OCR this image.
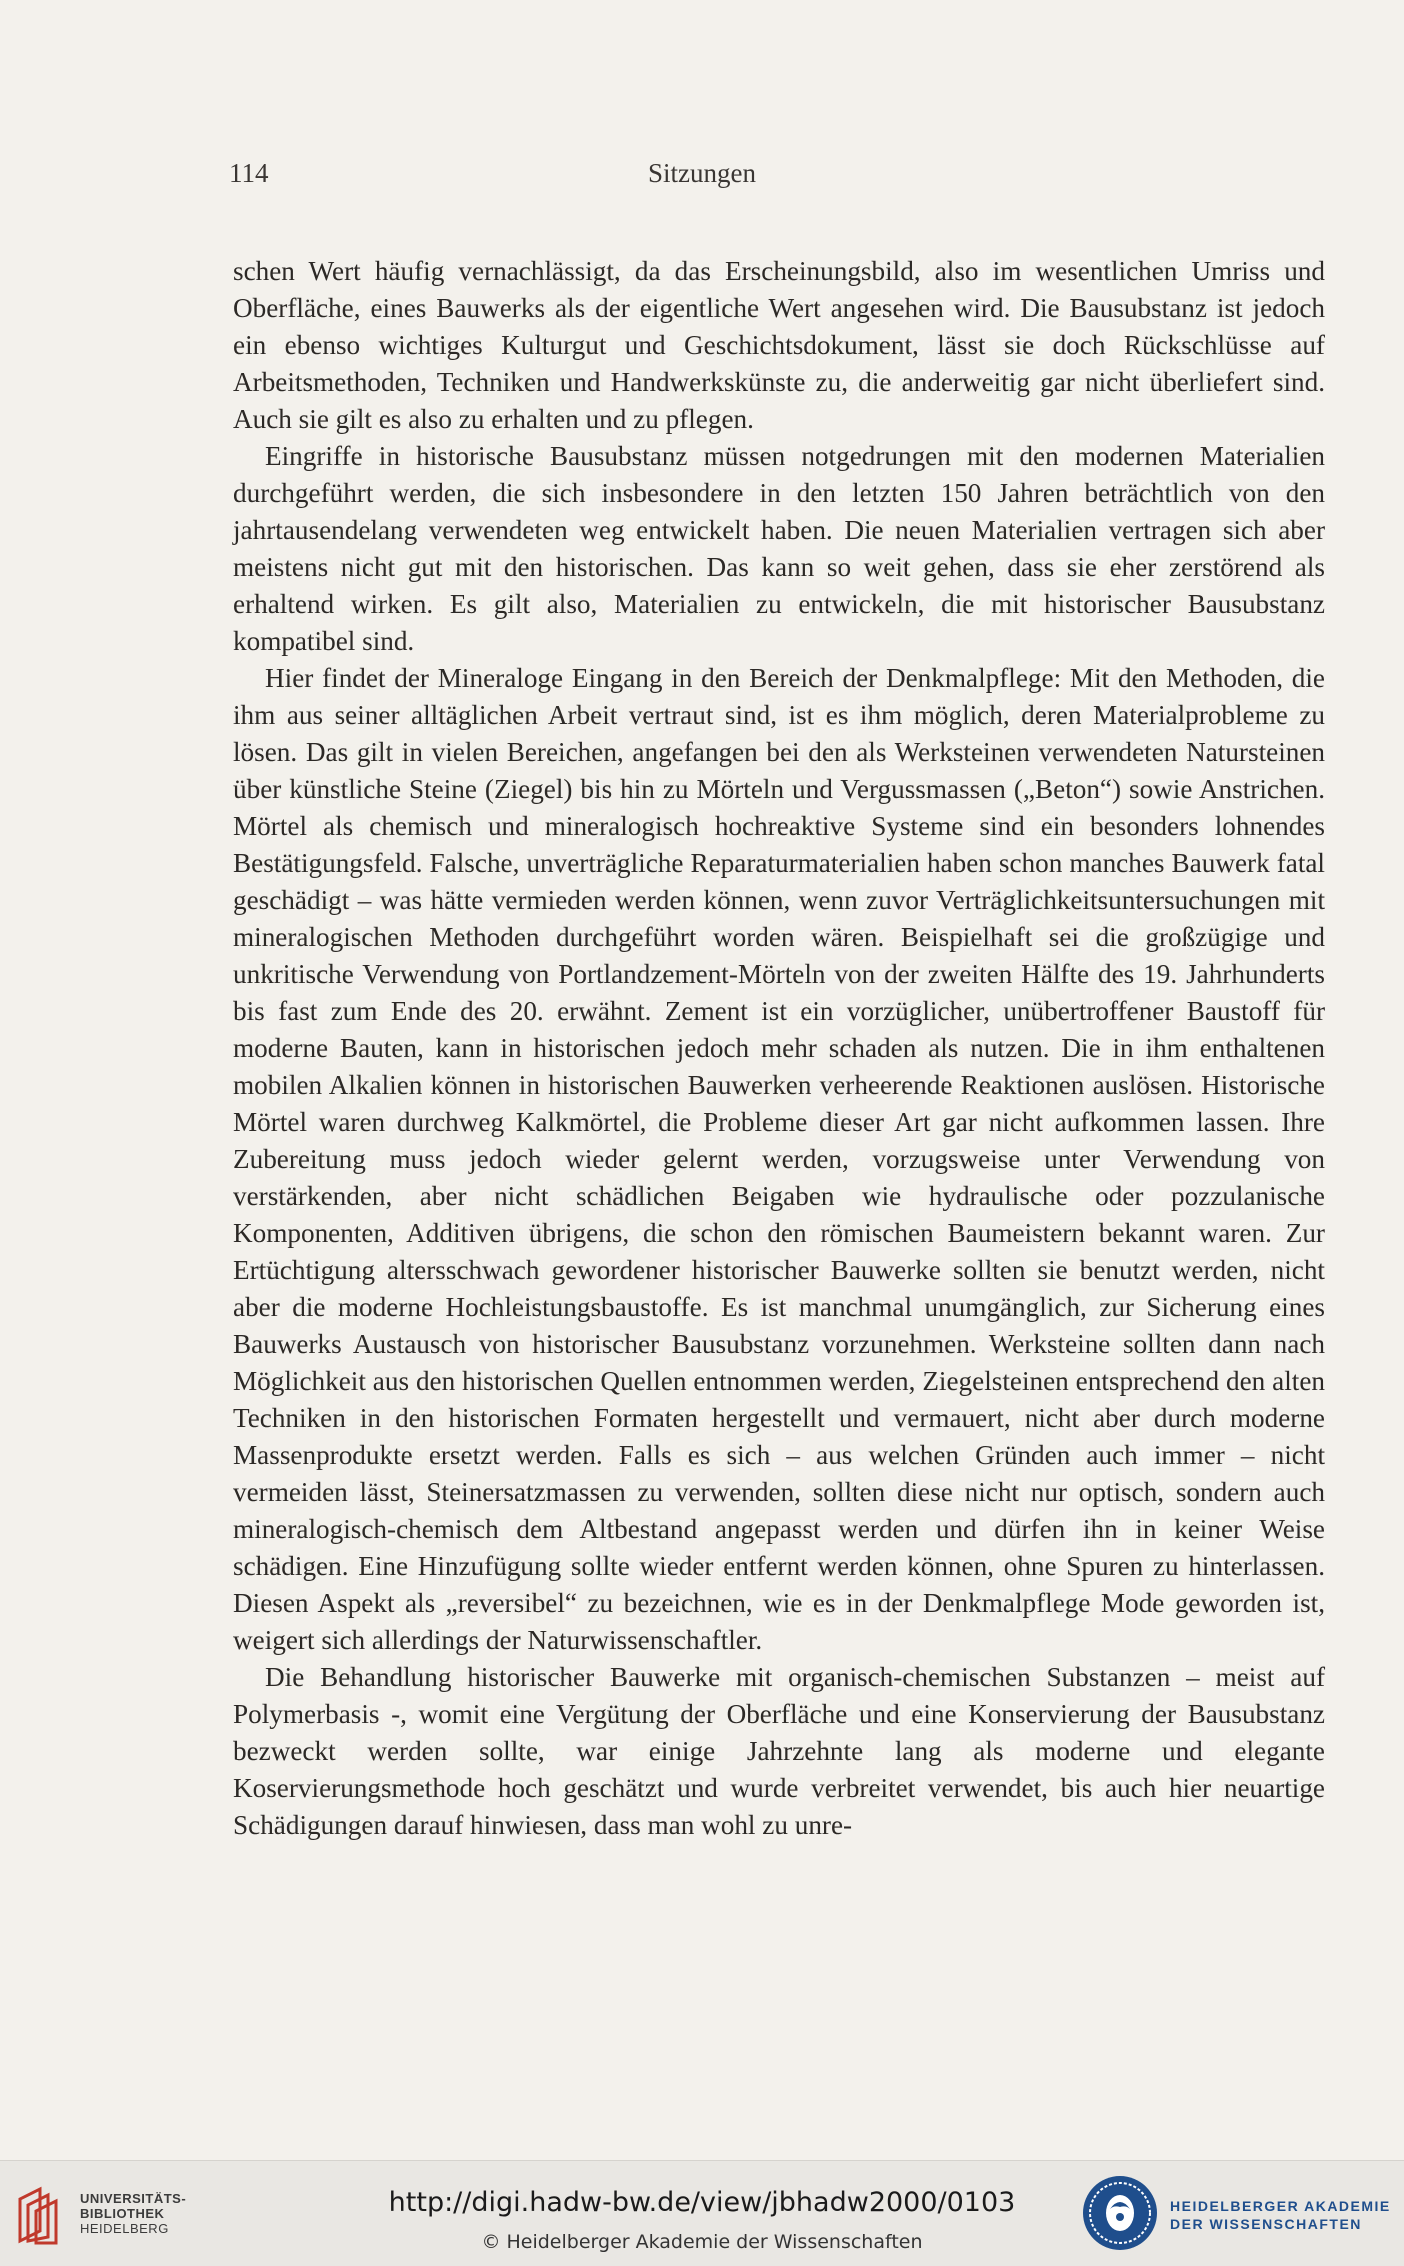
114	Sitzungen

schen Wert häufig vernachlässigt, da das Erscheinungsbild, also im wesentlichen Umriss und Oberfläche, eines Bauwerks als der eigentliche Wert angesehen wird. Die Bausubstanz ist jedoch ein ebenso wichtiges Kulturgut und Geschichtsdokument, lässt sie doch Rückschlüsse auf Arbeitsmethoden, Techniken und Handwerkskünste zu, die anderweitig gar nicht überliefert sind. Auch sie gilt es also zu erhalten und zu pflegen.

Eingriffe in historische Bausubstanz müssen notgedrungen mit den modernen Materialien durchgeführt werden, die sich insbesondere in den letzten 150 Jahren beträchtlich von den jahrtausendelang verwendeten weg entwickelt haben. Die neuen Materialien vertragen sich aber meistens nicht gut mit den historischen. Das kann so weit gehen, dass sie eher zerstörend als erhaltend wirken. Es gilt also, Materialien zu entwickeln, die mit historischer Bausubstanz kompatibel sind.

Hier findet der Mineraloge Eingang in den Bereich der Denkmalpflege: Mit den Methoden, die ihm aus seiner alltäglichen Arbeit vertraut sind, ist es ihm möglich, deren Materialprobleme zu lösen. Das gilt in vielen Bereichen, angefangen bei den als Werksteinen verwendeten Natursteinen über künstliche Steine (Ziegel) bis hin zu Mörteln und Vergussmassen („Beton“) sowie Anstrichen. Mörtel als chemisch und mineralogisch hochreaktive Systeme sind ein besonders lohnendes Bestätigungsfeld. Falsche, unverträgliche Reparaturmaterialien haben schon manches Bauwerk fatal geschädigt – was hätte vermieden werden können, wenn zuvor Verträglichkeitsuntersuchungen mit mineralogischen Methoden durchgeführt worden wären. Beispielhaft sei die großzügige und unkritische Verwendung von Portlandzement-Mörteln von der zweiten Hälfte des 19. Jahrhunderts bis fast zum Ende des 20. erwähnt. Zement ist ein vorzüglicher, unübertroffener Baustoff für moderne Bauten, kann in historischen jedoch mehr schaden als nutzen. Die in ihm enthaltenen mobilen Alkalien können in historischen Bauwerken verheerende Reaktionen auslösen. Historische Mörtel waren durchweg Kalkmörtel, die Probleme dieser Art gar nicht aufkommen lassen. Ihre Zubereitung muss jedoch wieder gelernt werden, vorzugsweise unter Verwendung von verstärkenden, aber nicht schädlichen Beigaben wie hydraulische oder pozzulanische Komponenten, Additiven übrigens, die schon den römischen Baumeistern bekannt waren. Zur Ertüchtigung altersschwach gewordener historischer Bauwerke sollten sie benutzt werden, nicht aber die moderne Hochleistungsbaustoffe. Es ist manchmal unumgänglich, zur Sicherung eines Bauwerks Austausch von historischer Bausubstanz vorzunehmen. Werksteine sollten dann nach Möglichkeit aus den historischen Quellen entnommen werden, Ziegelsteinen entsprechend den alten Techniken in den historischen Formaten hergestellt und vermauert, nicht aber durch moderne Massenprodukte ersetzt werden. Falls es sich – aus welchen Gründen auch immer – nicht vermeiden lässt, Steinersatzmassen zu verwenden, sollten diese nicht nur optisch, sondern auch mineralogisch-chemisch dem Altbestand angepasst werden und dürfen ihn in keiner Weise schädigen. Eine Hinzufügung sollte wieder entfernt werden können, ohne Spuren zu hinterlassen. Diesen Aspekt als „reversibel“ zu bezeichnen, wie es in der Denkmalpflege Mode geworden ist, weigert sich allerdings der Naturwissenschaftler.

Die Behandlung historischer Bauwerke mit organisch-chemischen Substanzen – meist auf Polymerbasis -, womit eine Vergütung der Oberfläche und eine Konservierung der Bausubstanz bezweckt werden sollte, war einige Jahrzehnte lang als moderne und elegante Koservierungsmethode hoch geschätzt und wurde verbreitet verwendet, bis auch hier neuartige Schädigungen darauf hinwiesen, dass man wohl zu unre-

UNIVERSITÄTS-
BIBLIOTHEK
HEIDELBERG
http://digi.hadw-bw.de/view/jbhadw2000/0103
© Heidelberger Akademie der Wissenschaften
HEIDELBERGER AKADEMIE
DER WISSENSCHAFTEN
